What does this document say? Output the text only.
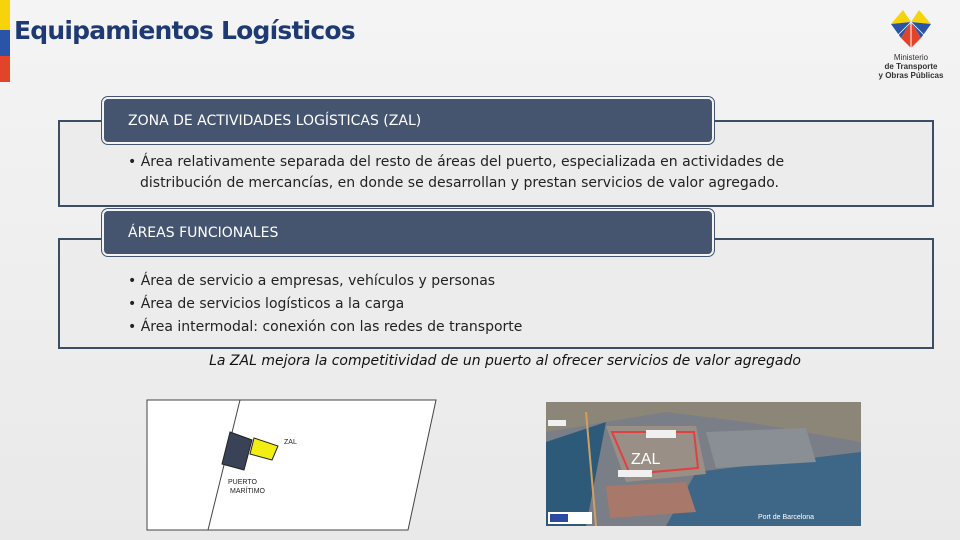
Equipamientos Logísticos
Ministerio
de Transporte
y Obras Públicas
ZONA DE ACTIVIDADES LOGÍSTICAS (ZAL)
• Área relativamente separada del resto de áreas del puerto, especializada en actividades de
distribución de mercancías, en donde se desarrollan y prestan servicios de valor agregado.
ÁREAS FUNCIONALES
• Área de servicio a empresas, vehículos y personas
• Área de servicios logísticos a la carga
• Área intermodal: conexión con las redes de transporte
La ZAL mejora la competitividad de un puerto al ofrecer servicios de valor agregado
ZAL
PUERTO
MARÍTIMO
ZAL
Port de Barcelona
